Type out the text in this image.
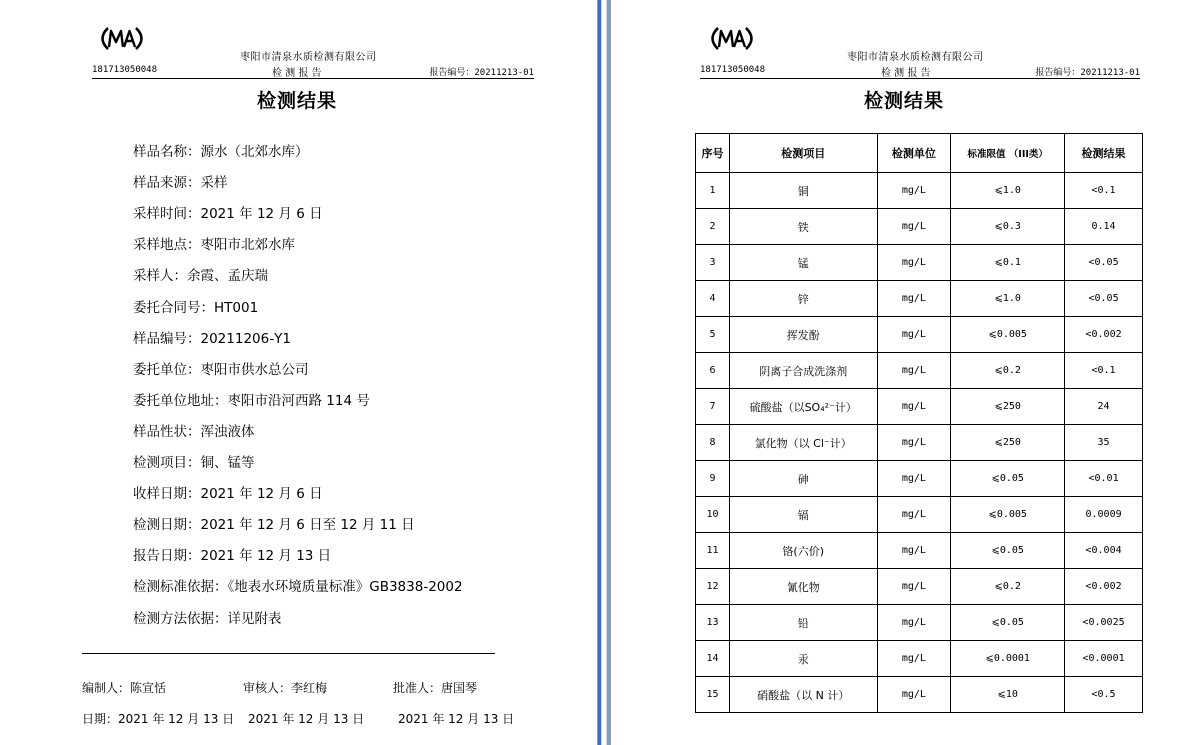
枣阳市清泉水质检测有限公司
181713050048	检 测 报 告	报告编号：20211213-01
检测结果
样品名称：源水（北郊水库）
样品来源：采样
采样时间：2021 年 12 月 6 日
采样地点：枣阳市北郊水库
采样人：余霞、孟庆瑞
委托合同号：HT001
样品编号：20211206-Y1
委托单位：枣阳市供水总公司
委托单位地址：枣阳市沿河西路 114 号
样品性状：浑浊液体
检测项目：铜、锰等
收样日期：2021 年 12 月 6 日
检测日期：2021 年 12 月 6 日至 12 月 11 日
报告日期：2021 年 12 月 13 日
检测标准依据：《地表水环境质量标准》GB3838-2002
检测方法依据：详见附表
编制人：陈宣恬	审核人：李红梅	批准人：唐国琴
日期：2021 年 12 月 13 日 2021 年 12 月 13 日	2021 年 12 月 13 日
枣阳市清泉水质检测有限公司
181713050048	检 测 报 告	报告编号：20211213-01
检测结果
序号	检测项目	检测单位	标准限值 （III类）	检测结果
1	铜	mg/L	⩽1.0	<0.1
2	铁	mg/L	⩽0.3	0.14
3	锰	mg/L	⩽0.1	<0.05
4	锌	mg/L	⩽1.0	<0.05
5	挥发酚	mg/L	⩽0.005	<0.002
6	阴离子合成洗涤剂	mg/L	⩽0.2	<0.1
7	硫酸盐（以SO₄²⁻计）	mg/L	⩽250	24
8	氯化物（以 Cl⁻计）	mg/L	⩽250	35
9	砷	mg/L	⩽0.05	<0.01
10	镉	mg/L	⩽0.005	0.0009
11	铬(六价)	mg/L	⩽0.05	<0.004
12	氰化物	mg/L	⩽0.2	<0.002
13	铅	mg/L	⩽0.05	<0.0025
14	汞	mg/L	⩽0.0001	<0.0001
15	硝酸盐（以 N 计）	mg/L	⩽10	<0.5
